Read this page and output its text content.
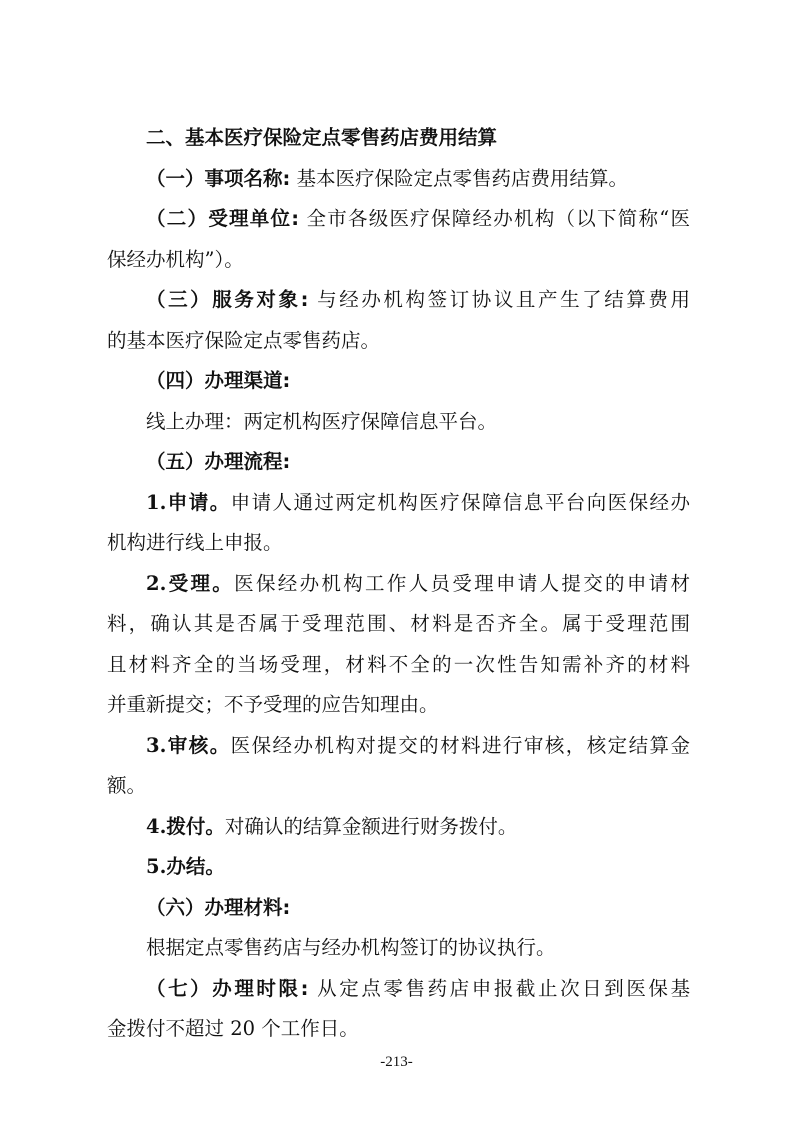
二、基本医疗保险定点零售药店费用结算

（一）事项名称: 基本医疗保险定点零售药店费用结算。

（二）受理单位: 全市各级医疗保障经办机构（以下简称“医

保经办机构”）。

（三）服务对象: 与经办机构签订协议且产生了结算费用

的基本医疗保险定点零售药店。

（四）办理渠道:

线上办理：两定机构医疗保障信息平台。

（五）办理流程:

1.申请。申请人通过两定机构医疗保障信息平台向医保经办

机构进行线上申报。

2.受理。医保经办机构工作人员受理申请人提交的申请材

料，确认其是否属于受理范围、材料是否齐全。属于受理范围

且材料齐全的当场受理，材料不全的一次性告知需补齐的材料

并重新提交；不予受理的应告知理由。

3.审核。医保经办机构对提交的材料进行审核，核定结算金

额。

4.拨付。对确认的结算金额进行财务拨付。

5.办结。

（六）办理材料:

根据定点零售药店与经办机构签订的协议执行。

（七）办理时限: 从定点零售药店申报截止次日到医保基

金拨付不超过 20 个工作日。

-213-
